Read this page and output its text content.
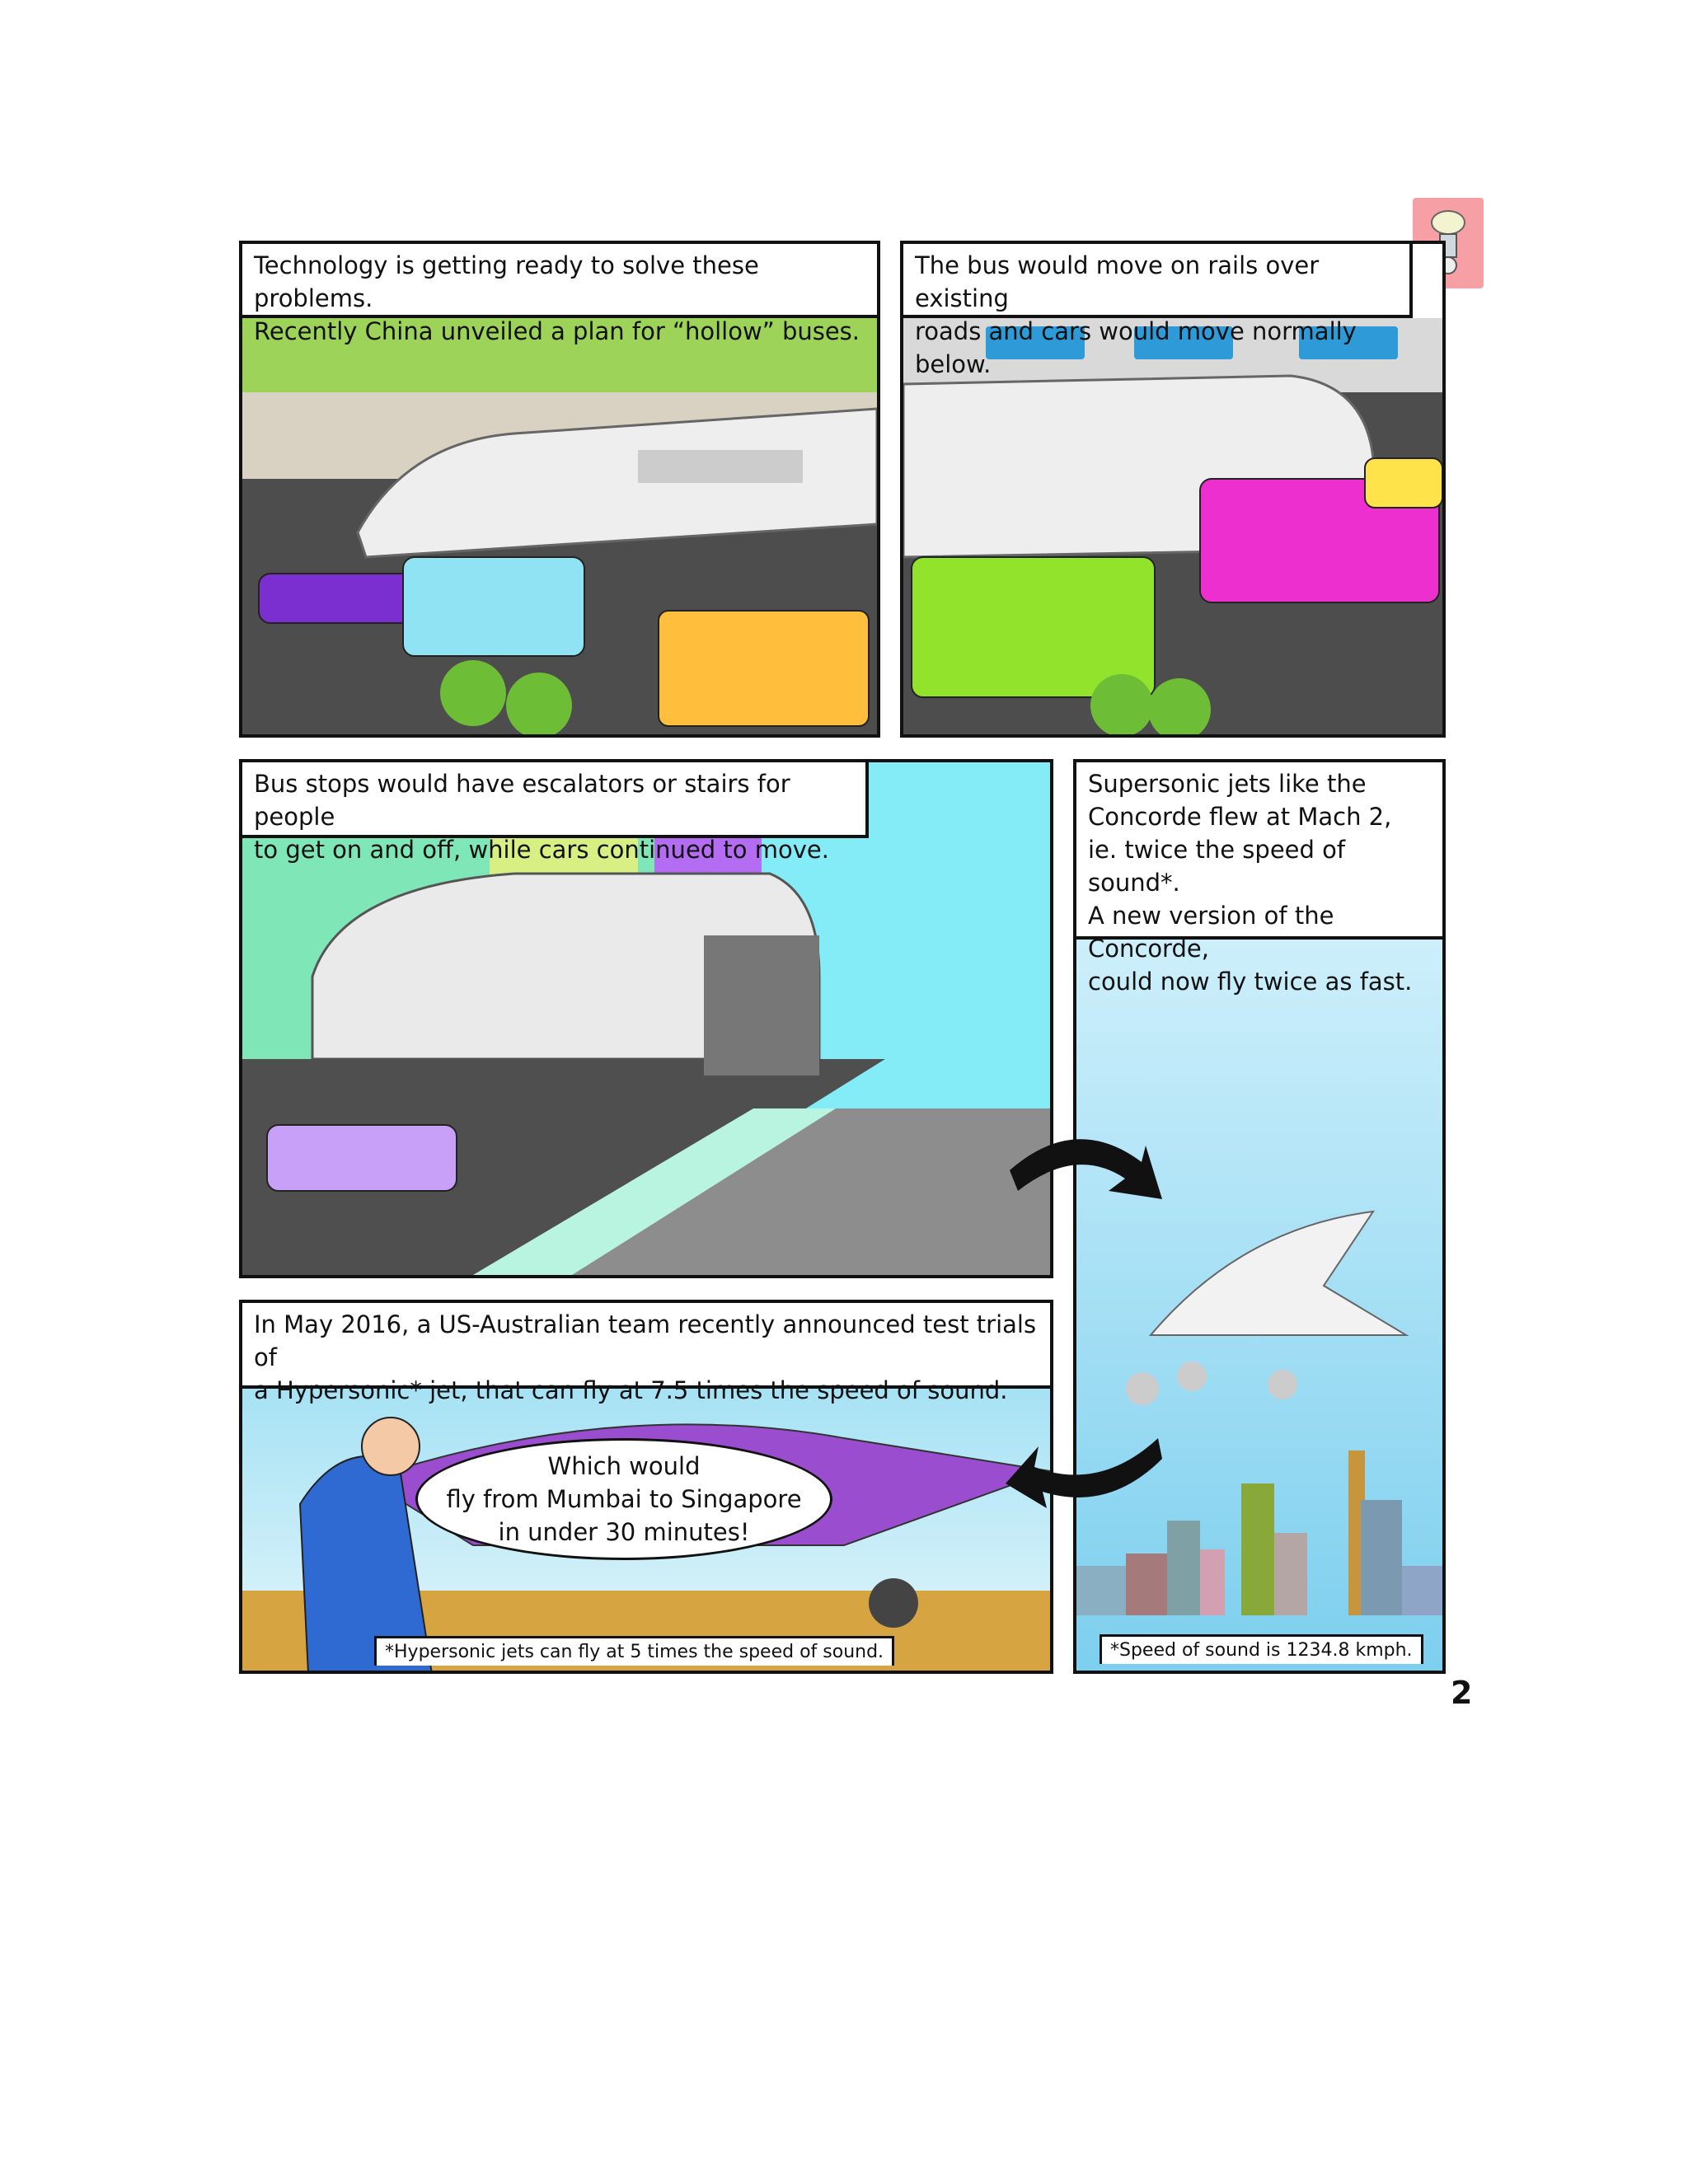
Technology is getting ready to solve these problems.
Recently China unveiled a plan for “hollow” buses.
The bus would move on rails over existing
roads and cars would move normally below.
Bus stops would have escalators or stairs for people
to get on and off, while cars continued to move.
Supersonic jets like the
Concorde flew at Mach 2,
ie. twice the speed of sound*.
A new version of the Concorde,
could now fly twice as fast.
*Speed of sound is 1234.8 kmph.
In May 2016, a US-Australian team recently announced test trials of
a Hypersonic* jet, that can fly at 7.5 times the speed of sound.
Which would
fly from Mumbai to Singapore
in under 30 minutes!
*Hypersonic jets can fly at 5 times the speed of sound.
2
